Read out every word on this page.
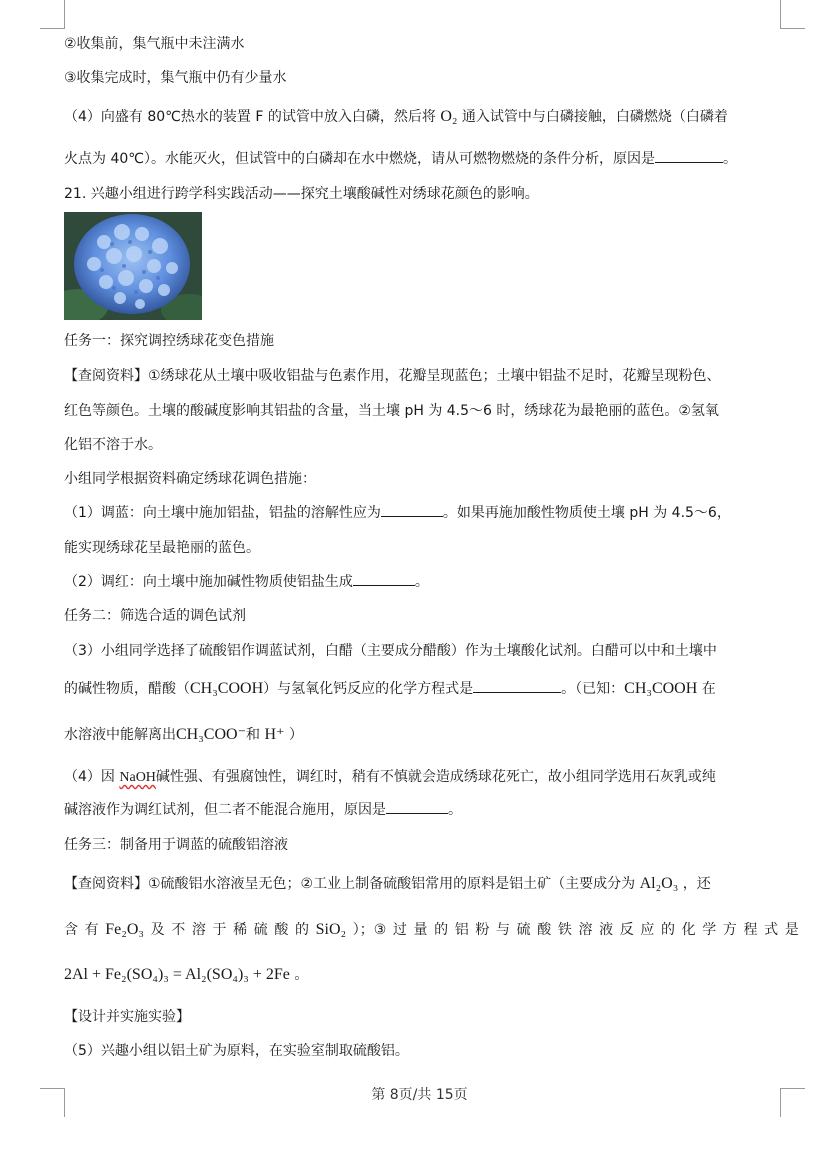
②收集前，集气瓶中未注满水
③收集完成时，集气瓶中仍有少量水
（4）向盛有 80℃热水的装置 F 的试管中放入白磷，然后将 O₂ 通入试管中与白磷接触，白磷燃烧（白磷着
火点为 40℃）。水能灭火，但试管中的白磷却在水中燃烧，请从可燃物燃烧的条件分析，原因是	。
21. 兴趣小组进行跨学科实践活动——探究土壤酸碱性对绣球花颜色的影响。
任务一：探究调控绣球花变色措施
【查阅资料】①绣球花从土壤中吸收铝盐与色素作用，花瓣呈现蓝色；土壤中铝盐不足时，花瓣呈现粉色、
红色等颜色。土壤的酸碱度影响其铝盐的含量，当土壤 pH 为 4.5～6 时，绣球花为最艳丽的蓝色。②氢氧
化铝不溶于水。
小组同学根据资料确定绣球花调色措施：
（1）调蓝：向土壤中施加铝盐，铝盐的溶解性应为	。如果再施加酸性物质使土壤 pH 为 4.5～6，
能实现绣球花呈最艳丽的蓝色。
（2）调红：向土壤中施加碱性物质使铝盐生成	。
任务二：筛选合适的调色试剂
（3）小组同学选择了硫酸铝作调蓝试剂，白醋（主要成分醋酸）作为土壤酸化试剂。白醋可以中和土壤中
的碱性物质，醋酸（CH₃COOH）与氢氧化钙反应的化学方程式是	。（已知：CH₃COOH 在
水溶液中能解离出CH₃COO⁻和 H⁺ ）
（4）因 NaOH碱性强、有强腐蚀性，调红时，稍有不慎就会造成绣球花死亡，故小组同学选用石灰乳或纯
碱溶液作为调红试剂，但二者不能混合施用，原因是	。
任务三：制备用于调蓝的硫酸铝溶液
【查阅资料】①硫酸铝水溶液呈无色；②工业上制备硫酸铝常用的原料是铝土矿（主要成分为 Al₂O₃ ，还
含 有 Fe₂O₃ 及 不 溶 于 稀 硫 酸 的 SiO₂ ）；③ 过 量 的 铝 粉 与 硫 酸 铁 溶 液 反 应 的 化 学 方 程 式 是
2Al + Fe₂(SO₄)₃ = Al₂(SO₄)₃ + 2Fe 。
【设计并实施实验】
（5）兴趣小组以铝土矿为原料，在实验室制取硫酸铝。
第 8页/共 15页
